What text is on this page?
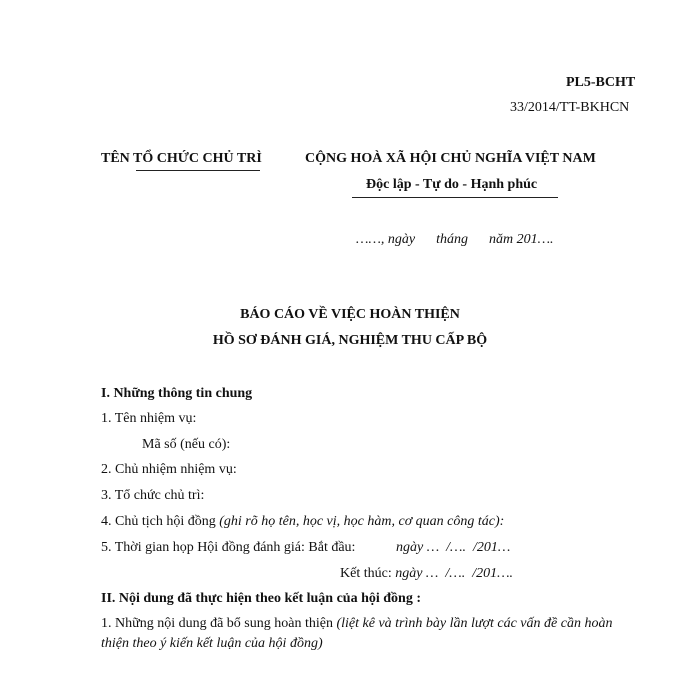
PL5-BCHT
33/2014/TT-BKHCN
TÊN TỔ CHỨC CHỦ TRÌ	CỘNG HOÀ XÃ HỘI CHỦ NGHĨA VIỆT NAM
Độc lập - Tự do - Hạnh phúc
……, ngày      tháng      năm 201….
BÁO CÁO VỀ VIỆC HOÀN THIỆN
HỒ SƠ ĐÁNH GIÁ, NGHIỆM THU CẤP BỘ
I. Những thông tin chung
1. Tên nhiệm vụ:
Mã số (nếu có):
2. Chủ nhiệm nhiệm vụ:
3. Tổ chức chủ trì:
4. Chủ tịch hội đồng (ghi rõ họ tên, học vị, học hàm, cơ quan công tác):
5. Thời gian họp Hội đồng đánh giá: Bắt đầu:	ngày …  /….  /201…
Kết thúc: ngày …  /….  /201….
II. Nội dung đã thực hiện theo kết luận của hội đồng :
1. Những nội dung đã bổ sung hoàn thiện (liệt kê và trình bày lần lượt các vấn đề cần hoàn
thiện theo ý kiến kết luận của hội đồng)
